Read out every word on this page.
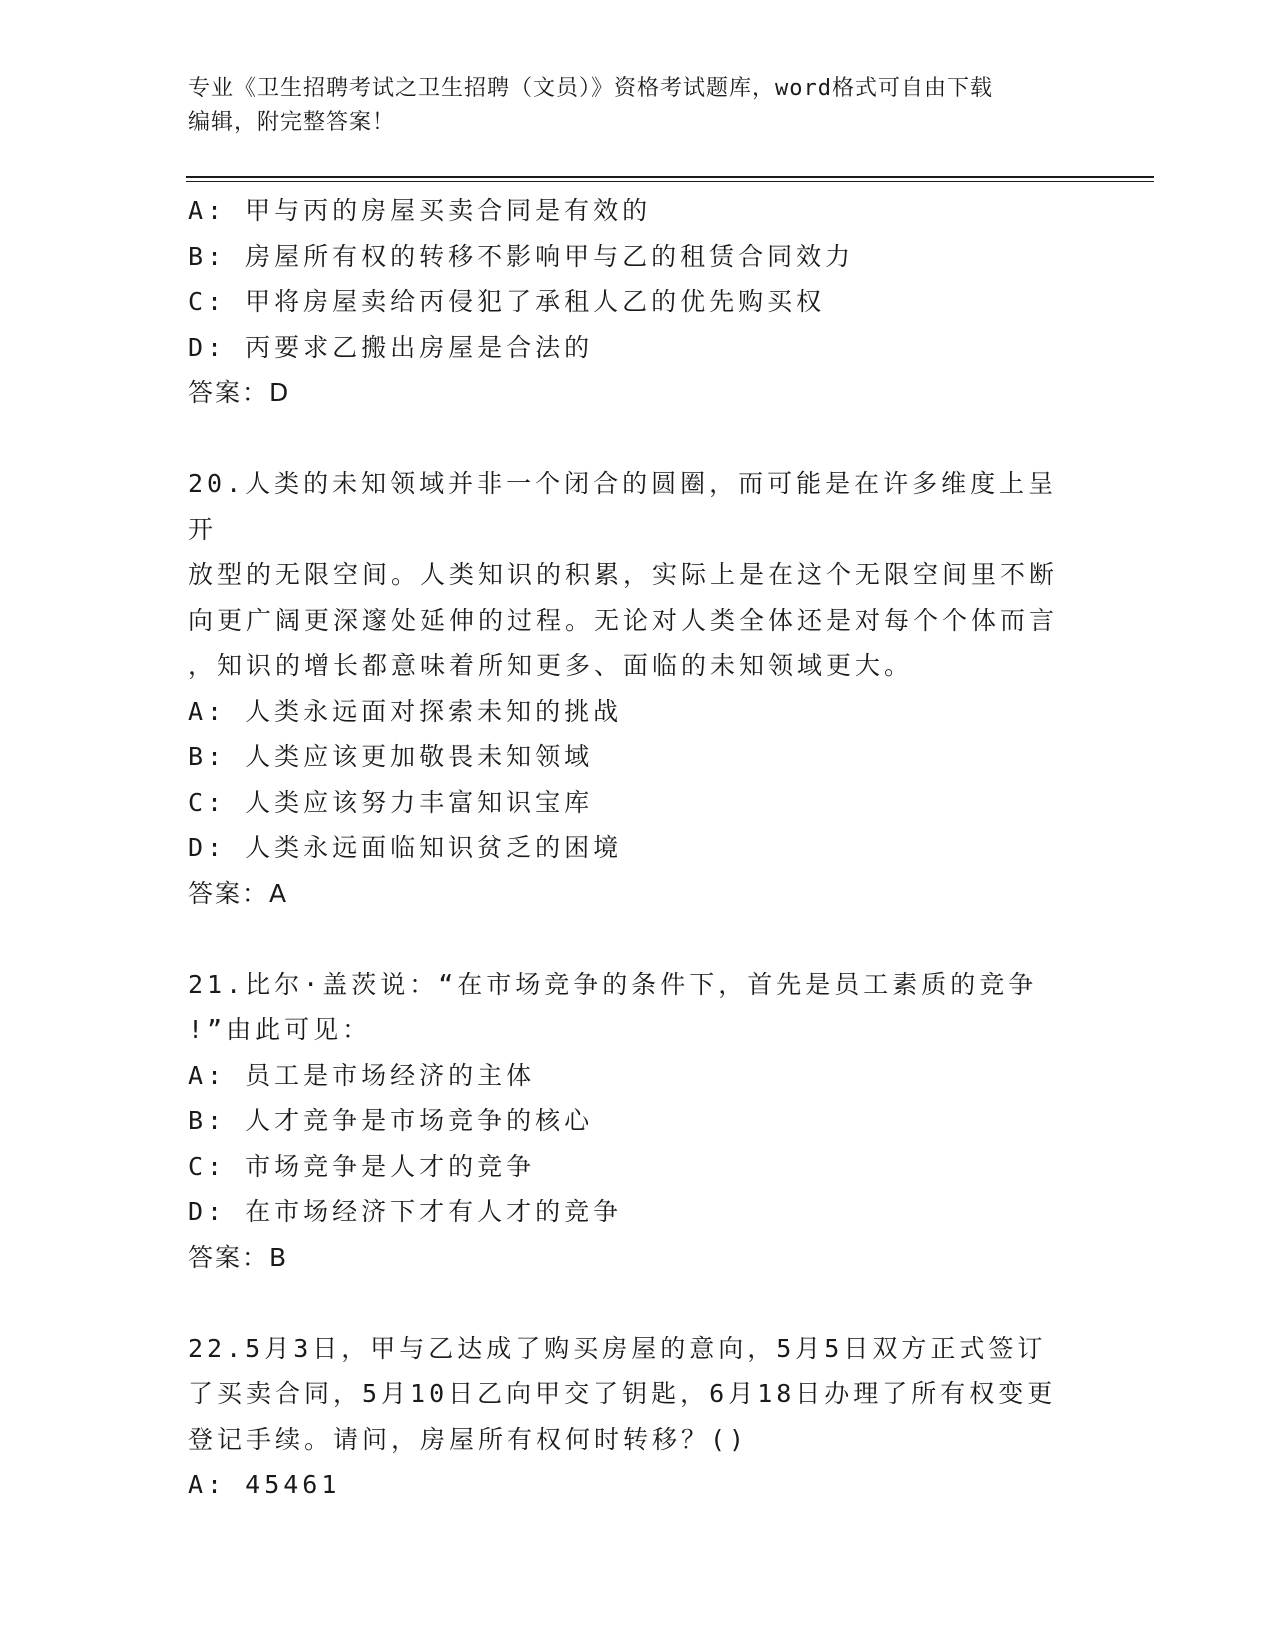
专业《卫生招聘考试之卫生招聘（文员）》资格考试题库，word格式可自由下载
编辑，附完整答案！
A: 甲与丙的房屋买卖合同是有效的
B: 房屋所有权的转移不影响甲与乙的租赁合同效力
C: 甲将房屋卖给丙侵犯了承租人乙的优先购买权
D: 丙要求乙搬出房屋是合法的
答案：D
20.人类的未知领域并非一个闭合的圆圈，而可能是在许多维度上呈开
放型的无限空间。人类知识的积累，实际上是在这个无限空间里不断
向更广阔更深邃处延伸的过程。无论对人类全体还是对每个个体而言
，知识的增长都意味着所知更多、面临的未知领域更大。
A: 人类永远面对探索未知的挑战
B: 人类应该更加敬畏未知领域
C: 人类应该努力丰富知识宝库
D: 人类永远面临知识贫乏的困境
答案：A
21.比尔·盖茨说：“在市场竞争的条件下，首先是员工素质的竞争
!”由此可见：
A: 员工是市场经济的主体
B: 人才竞争是市场竞争的核心
C: 市场竞争是人才的竞争
D: 在市场经济下才有人才的竞争
答案：B
22.5月3日，甲与乙达成了购买房屋的意向，5月5日双方正式签订
了买卖合同，5月10日乙向甲交了钥匙，6月18日办理了所有权变更
登记手续。请问，房屋所有权何时转移？()
A: 45461
